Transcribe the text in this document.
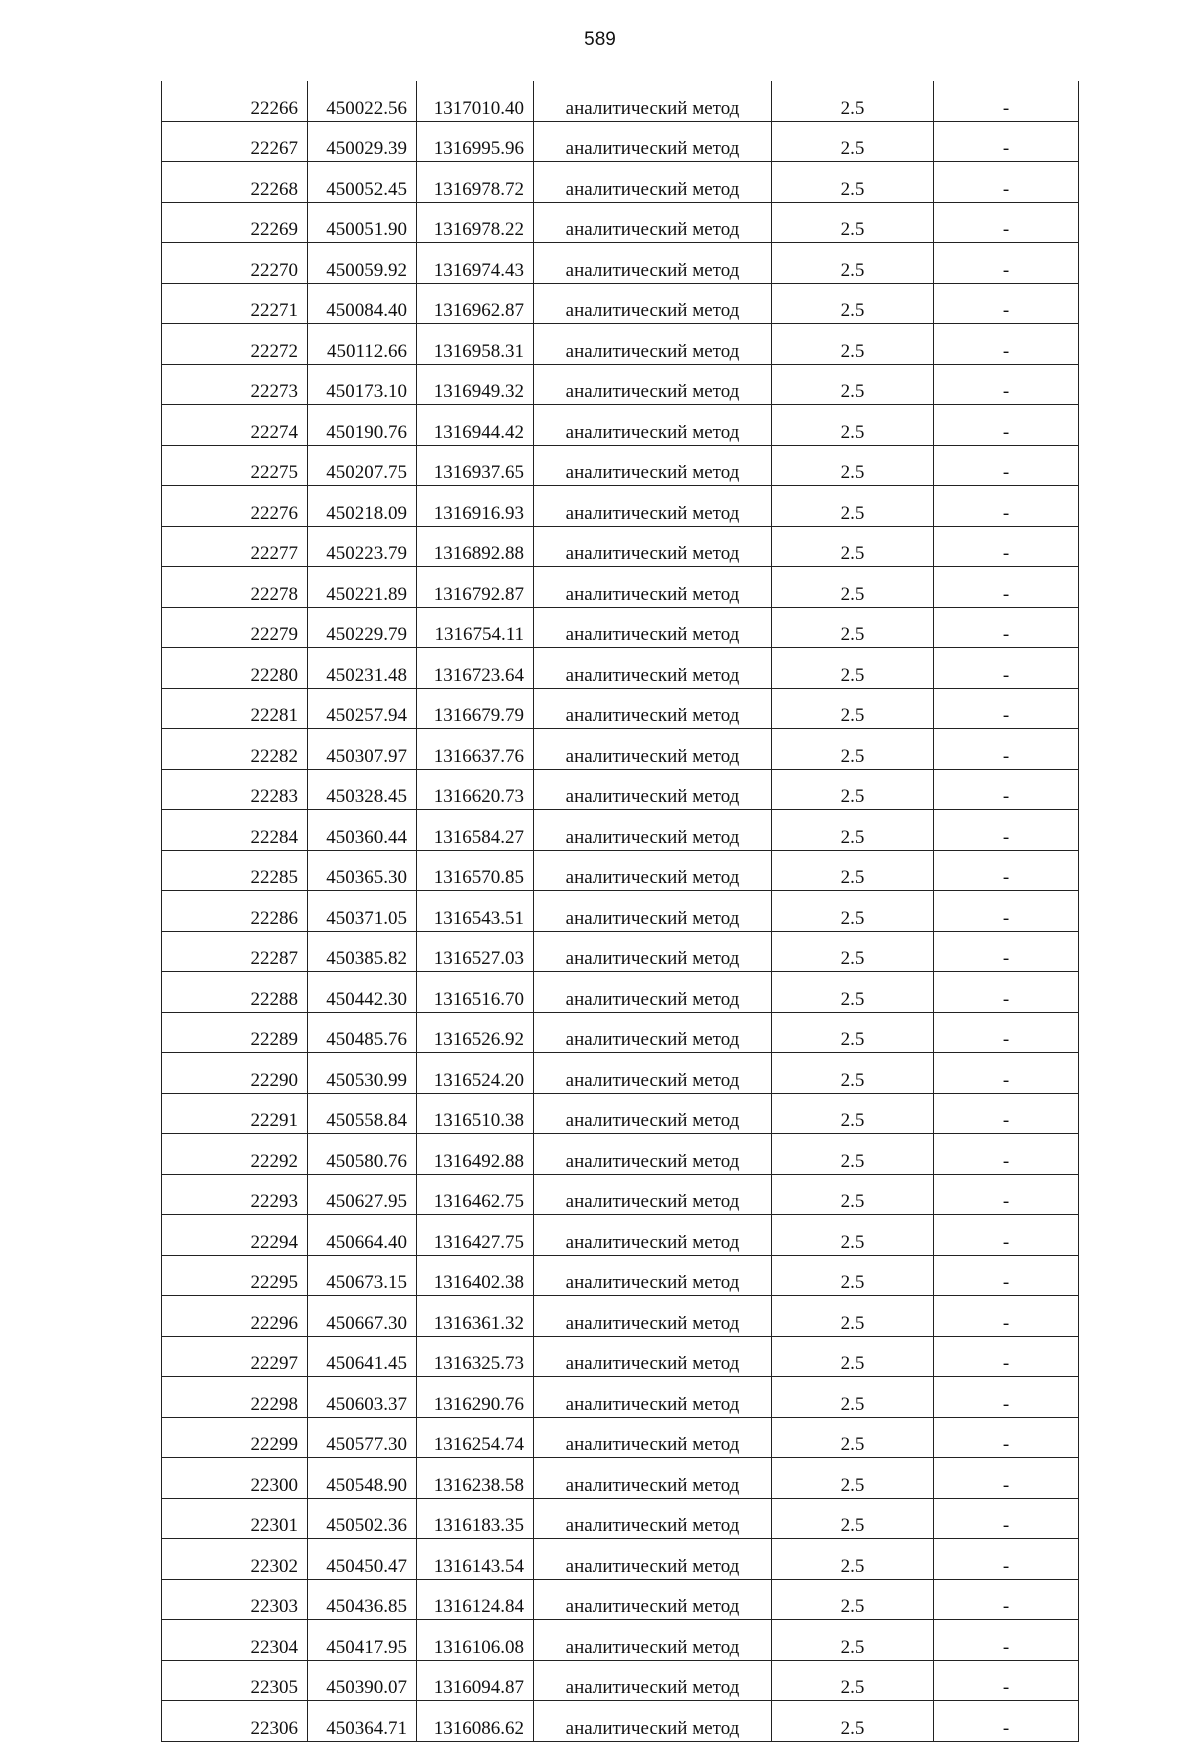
589
22266	450022.56	1317010.40	аналитический метод	2.5	-
22267	450029.39	1316995.96	аналитический метод	2.5	-
22268	450052.45	1316978.72	аналитический метод	2.5	-
22269	450051.90	1316978.22	аналитический метод	2.5	-
22270	450059.92	1316974.43	аналитический метод	2.5	-
22271	450084.40	1316962.87	аналитический метод	2.5	-
22272	450112.66	1316958.31	аналитический метод	2.5	-
22273	450173.10	1316949.32	аналитический метод	2.5	-
22274	450190.76	1316944.42	аналитический метод	2.5	-
22275	450207.75	1316937.65	аналитический метод	2.5	-
22276	450218.09	1316916.93	аналитический метод	2.5	-
22277	450223.79	1316892.88	аналитический метод	2.5	-
22278	450221.89	1316792.87	аналитический метод	2.5	-
22279	450229.79	1316754.11	аналитический метод	2.5	-
22280	450231.48	1316723.64	аналитический метод	2.5	-
22281	450257.94	1316679.79	аналитический метод	2.5	-
22282	450307.97	1316637.76	аналитический метод	2.5	-
22283	450328.45	1316620.73	аналитический метод	2.5	-
22284	450360.44	1316584.27	аналитический метод	2.5	-
22285	450365.30	1316570.85	аналитический метод	2.5	-
22286	450371.05	1316543.51	аналитический метод	2.5	-
22287	450385.82	1316527.03	аналитический метод	2.5	-
22288	450442.30	1316516.70	аналитический метод	2.5	-
22289	450485.76	1316526.92	аналитический метод	2.5	-
22290	450530.99	1316524.20	аналитический метод	2.5	-
22291	450558.84	1316510.38	аналитический метод	2.5	-
22292	450580.76	1316492.88	аналитический метод	2.5	-
22293	450627.95	1316462.75	аналитический метод	2.5	-
22294	450664.40	1316427.75	аналитический метод	2.5	-
22295	450673.15	1316402.38	аналитический метод	2.5	-
22296	450667.30	1316361.32	аналитический метод	2.5	-
22297	450641.45	1316325.73	аналитический метод	2.5	-
22298	450603.37	1316290.76	аналитический метод	2.5	-
22299	450577.30	1316254.74	аналитический метод	2.5	-
22300	450548.90	1316238.58	аналитический метод	2.5	-
22301	450502.36	1316183.35	аналитический метод	2.5	-
22302	450450.47	1316143.54	аналитический метод	2.5	-
22303	450436.85	1316124.84	аналитический метод	2.5	-
22304	450417.95	1316106.08	аналитический метод	2.5	-
22305	450390.07	1316094.87	аналитический метод	2.5	-
22306	450364.71	1316086.62	аналитический метод	2.5	-
